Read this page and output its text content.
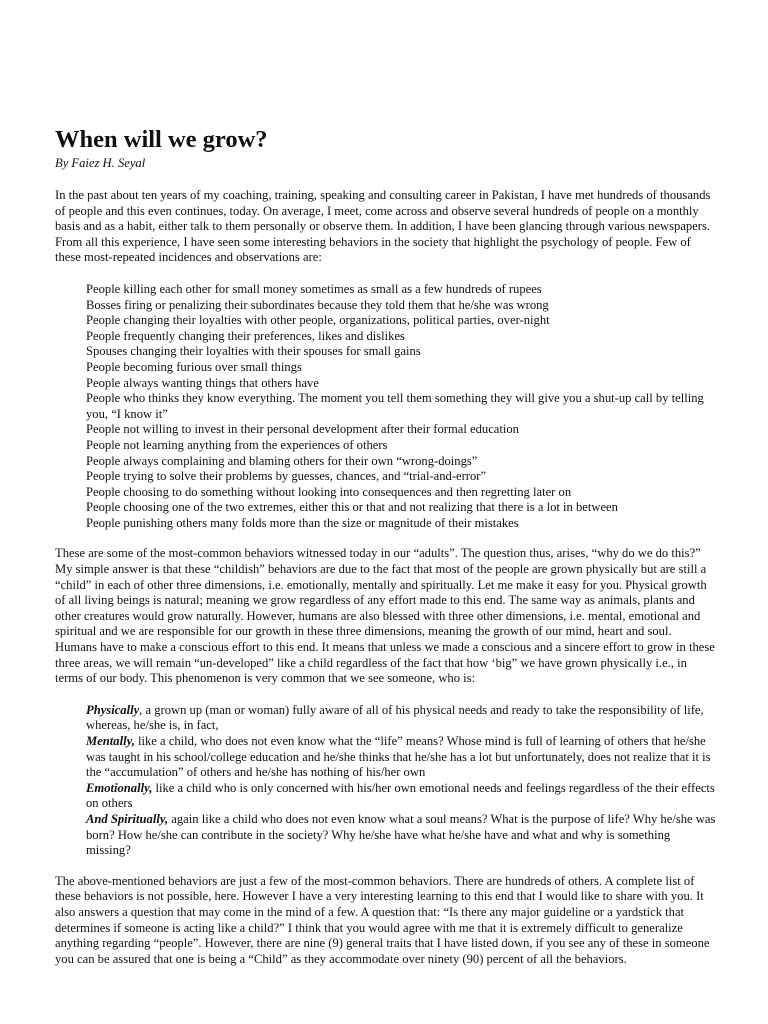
When will we grow?

By Faiez H. Seyal

In the past about ten years of my coaching, training, speaking and consulting career in Pakistan, I have met hundreds of thousands of people and this even continues, today. On average, I meet, come across and observe several hundreds of people on a monthly basis and as a habit, either talk to them personally or observe them. In addition, I have been glancing through various newspapers. From all this experience, I have seen some interesting behaviors in the society that highlight the psychology of people. Few of these most-repeated incidences and observations are:

People killing each other for small money sometimes as small as a few hundreds of rupees
Bosses firing or penalizing their subordinates because they told them that he/she was wrong
People changing their loyalties with other people, organizations, political parties, over-night
People frequently changing their preferences, likes and dislikes
Spouses changing their loyalties with their spouses for small gains
People becoming furious over small things
People always wanting things that others have
People who thinks they know everything. The moment you tell them something they will give you a shut-up call by telling you, “I know it”
People not willing to invest in their personal development after their formal education
People not learning anything from the experiences of others
People always complaining and blaming others for their own “wrong-doings”
People trying to solve their problems by guesses, chances, and “trial-and-error”
People choosing to do something without looking into consequences and then regretting later on
People choosing one of the two extremes, either this or that and not realizing that there is a lot in between
People punishing others many folds more than the size or magnitude of their mistakes

These are some of the most-common behaviors witnessed today in our “adults”. The question thus, arises, “why do we do this?” My simple answer is that these “childish” behaviors are due to the fact that most of the people are grown physically but are still a “child” in each of other three dimensions, i.e. emotionally, mentally and spiritually. Let me make it easy for you. Physical growth of all living beings is natural; meaning we grow regardless of any effort made to this end. The same way as animals, plants and other creatures would grow naturally. However, humans are also blessed with three other dimensions, i.e. mental, emotional and spiritual and we are responsible for our growth in these three dimensions, meaning the growth of our mind, heart and soul. Humans have to make a conscious effort to this end. It means that unless we made a conscious and a sincere effort to grow in these three areas, we will remain “un-developed” like a child regardless of the fact that how ‘big” we have grown physically i.e., in terms of our body. This phenomenon is very common that we see someone, who is:

Physically, a grown up (man or woman) fully aware of all of his physical needs and ready to take the responsibility of life, whereas, he/she is, in fact,

Mentally, like a child, who does not even know what the “life” means? Whose mind is full of learning of others that he/she was taught in his school/college education and he/she thinks that he/she has a lot but unfortunately, does not realize that it is the “accumulation” of others and he/she has nothing of his/her own

Emotionally, like a child who is only concerned with his/her own emotional needs and feelings regardless of the their effects on others

And Spiritually, again like a child who does not even know what a soul means? What is the purpose of life? Why he/she was born? How he/she can contribute in the society? Why he/she have what he/she have and what and why is something missing?

The above-mentioned behaviors are just a few of the most-common behaviors. There are hundreds of others. A complete list of these behaviors is not possible, here. However I have a very interesting learning to this end that I would like to share with you. It also answers a question that may come in the mind of a few. A question that: “Is there any major guideline or a yardstick that determines if someone is acting like a child?” I think that you would agree with me that it is extremely difficult to generalize anything regarding “people”. However, there are nine (9) general traits that I have listed down, if you see any of these in someone you can be assured that one is being a “Child” as they accommodate over ninety (90) percent of all the behaviors.
